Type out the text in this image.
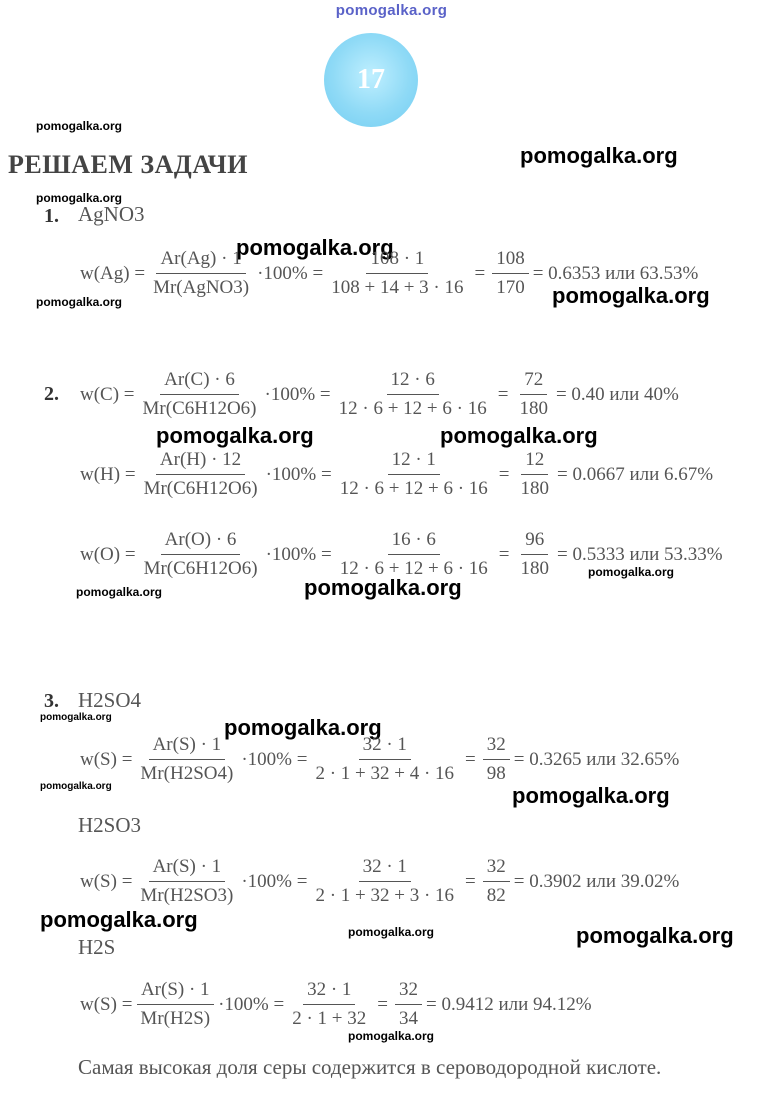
pomogalka.org
17
РЕШАЕМ ЗАДАЧИ
pomogalka.org
pomogalka.org
pomogalka.org
pomogalka.org
pomogalka.org	pomogalka.org
pomogalka.org	pomogalka.org
pomogalka.org
pomogalka.org	pomogalka.org
pomogalka.org	pomogalka.org
pomogalka.org	pomogalka.org
pomogalka.org	pomogalka.org	pomogalka.org
pomogalka.org
1. AgNO3
$w(Ag) = \frac{Ar(Ag) \cdot 1}{\text{Mr(AgNO3)}} \cdot 100\% = \frac{108 \cdot 1}{108 + 14 + 3 \cdot 16} = \frac{108}{170} = 0.6353$ или 63.53%
2. $w(C) = \frac{Ar(C) \cdot 6}{Mr(C6H12O6)} \cdot 100\% = \frac{12 \cdot 6}{12 \cdot 6 + 12 + 6 \cdot 16} = \frac{72}{180} = 0.40$ или 40%
$w(H) = \frac{Ar(H) \cdot 12}{Mr(C6H12O6)} \cdot 100\% = \frac{12 \cdot 1}{12 \cdot 6 + 12 + 6 \cdot 16} = \frac{12}{180} = 0.0667$ или 6.67%
$w(O) = \frac{Ar(O) \cdot 6}{Mr(C6H12O6)} \cdot 100\% = \frac{16 \cdot 6}{12 \cdot 6 + 12 + 6 \cdot 16} = \frac{96}{180} = 0.5333$ или 53.33%
3. H2SO4
$w(S) = \frac{Ar(S) \cdot 1}{Mr(H2SO4)} \cdot 100\% = \frac{32 \cdot 1}{2 \cdot 1 + 32 + 4 \cdot 16} = \frac{32}{98} = 0.3265$ или 32.65%
H2SO3
$w(S) = \frac{Ar(S) \cdot 1}{Mr(H2SO3)} \cdot 100\% = \frac{32 \cdot 1}{2 \cdot 1 + 32 + 3 \cdot 16} = \frac{32}{82} = 0.3902$ или 39.02%
H2S
$w(S) = \frac{Ar(S) \cdot 1}{Mr(H2S)} \cdot 100\% = \frac{32 \cdot 1}{2 \cdot 1 + 32} = \frac{32}{34} = 0.9412$ или 94.12%
Самая высокая доля серы содержится в сероводородной кислоте.
